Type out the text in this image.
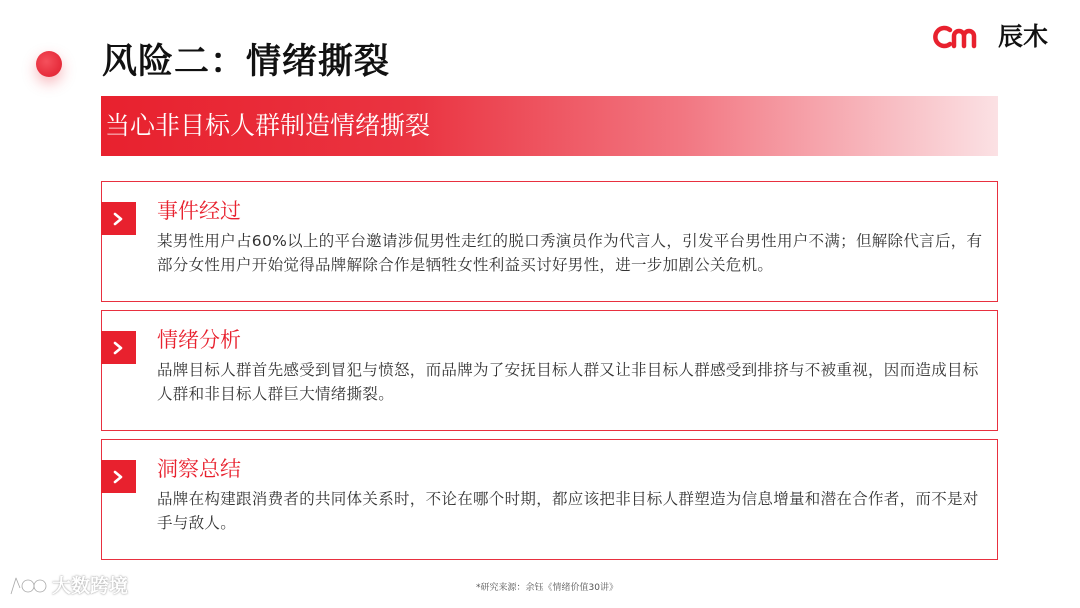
风险二：情绪撕裂
辰木
当心非目标人群制造情绪撕裂
事件经过
某男性用户占60%以上的平台邀请涉侃男性走红的脱口秀演员作为代言人，引发平台男性用户不满；但解除代言后，有部分女性用户开始觉得品牌解除合作是牺牲女性利益买讨好男性，进一步加剧公关危机。
情绪分析
品牌目标人群首先感受到冒犯与愤怒，而品牌为了安抚目标人群又让非目标人群感受到排挤与不被重视，因而造成目标人群和非目标人群巨大情绪撕裂。
洞察总结
品牌在构建跟消费者的共同体关系时，不论在哪个时期，都应该把非目标人群塑造为信息增量和潜在合作者，而不是对手与敌人。
*研究来源：余钰《情绪价值30讲》
大数跨境
